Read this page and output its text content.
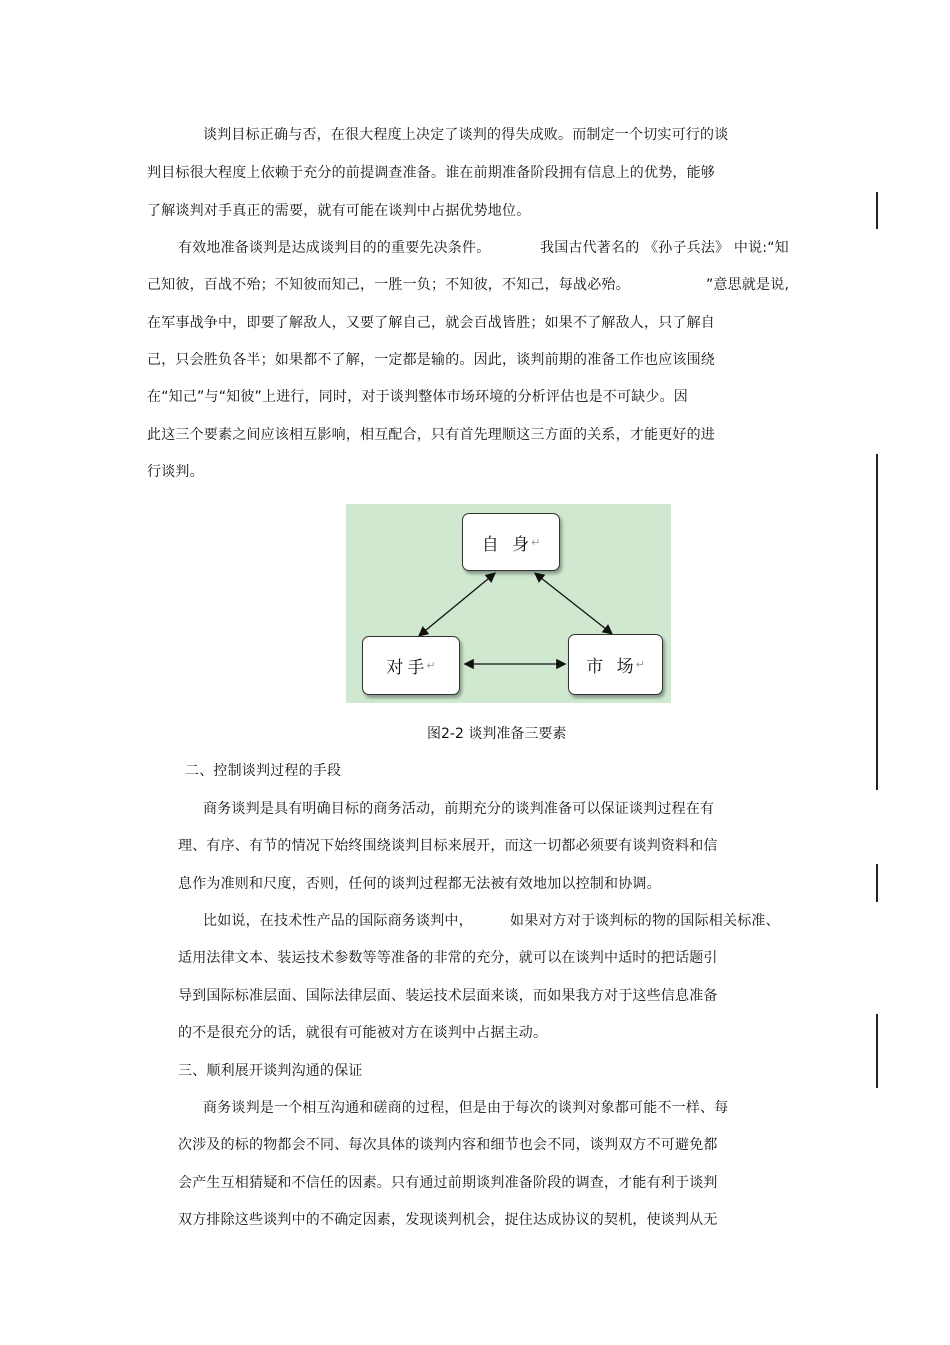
谈判目标正确与否，在很大程度上决定了谈判的得失成败。而制定一个切实可行的谈
判目标很大程度上依赖于充分的前提调查准备。谁在前期准备阶段拥有信息上的优势，能够
了解谈判对手真正的需要，就有可能在谈判中占据优势地位。
有效地准备谈判是达成谈判目的的重要先决条件。	我国古代著名的 《孙子兵法》 中说:“知
己知彼，百战不殆；不知彼而知己，一胜一负；不知彼，不知己，每战必殆。	”意思就是说,
在军事战争中，即要了解敌人，又要了解自己，就会百战皆胜；如果不了解敌人，只了解自
己，只会胜负各半；如果都不了解，一定都是输的。因此，谈判前期的准备工作也应该围绕
在“知己”与“知彼”上进行，同时，对于谈判整体市场环境的分析评估也是不可缺少。因
此这三个要素之间应该相互影响，相互配合，只有首先理顺这三方面的关系，才能更好的进
行谈判。
自 身
↵
对手
↵	市 场
↵
图2-2 谈判准备三要素
二、控制谈判过程的手段
商务谈判是具有明确目标的商务活动，前期充分的谈判准备可以保证谈判过程在有
理、有序、有节的情况下始终围绕谈判目标来展开，而这一切都必须要有谈判资料和信
息作为准则和尺度，否则，任何的谈判过程都无法被有效地加以控制和协调。
比如说，在技术性产品的国际商务谈判中，	如果对方对于谈判标的物的国际相关标准、
适用法律文本、装运技术参数等等准备的非常的充分，就可以在谈判中适时的把话题引
导到国际标准层面、国际法律层面、装运技术层面来谈，而如果我方对于这些信息准备
的不是很充分的话，就很有可能被对方在谈判中占据主动。
三、顺利展开谈判沟通的保证
商务谈判是一个相互沟通和磋商的过程，但是由于每次的谈判对象都可能不一样、每
次涉及的标的物都会不同、每次具体的谈判内容和细节也会不同，谈判双方不可避免都
会产生互相猜疑和不信任的因素。只有通过前期谈判准备阶段的调查，才能有利于谈判
双方排除这些谈判中的不确定因素，发现谈判机会，捉住达成协议的契机，使谈判从无
